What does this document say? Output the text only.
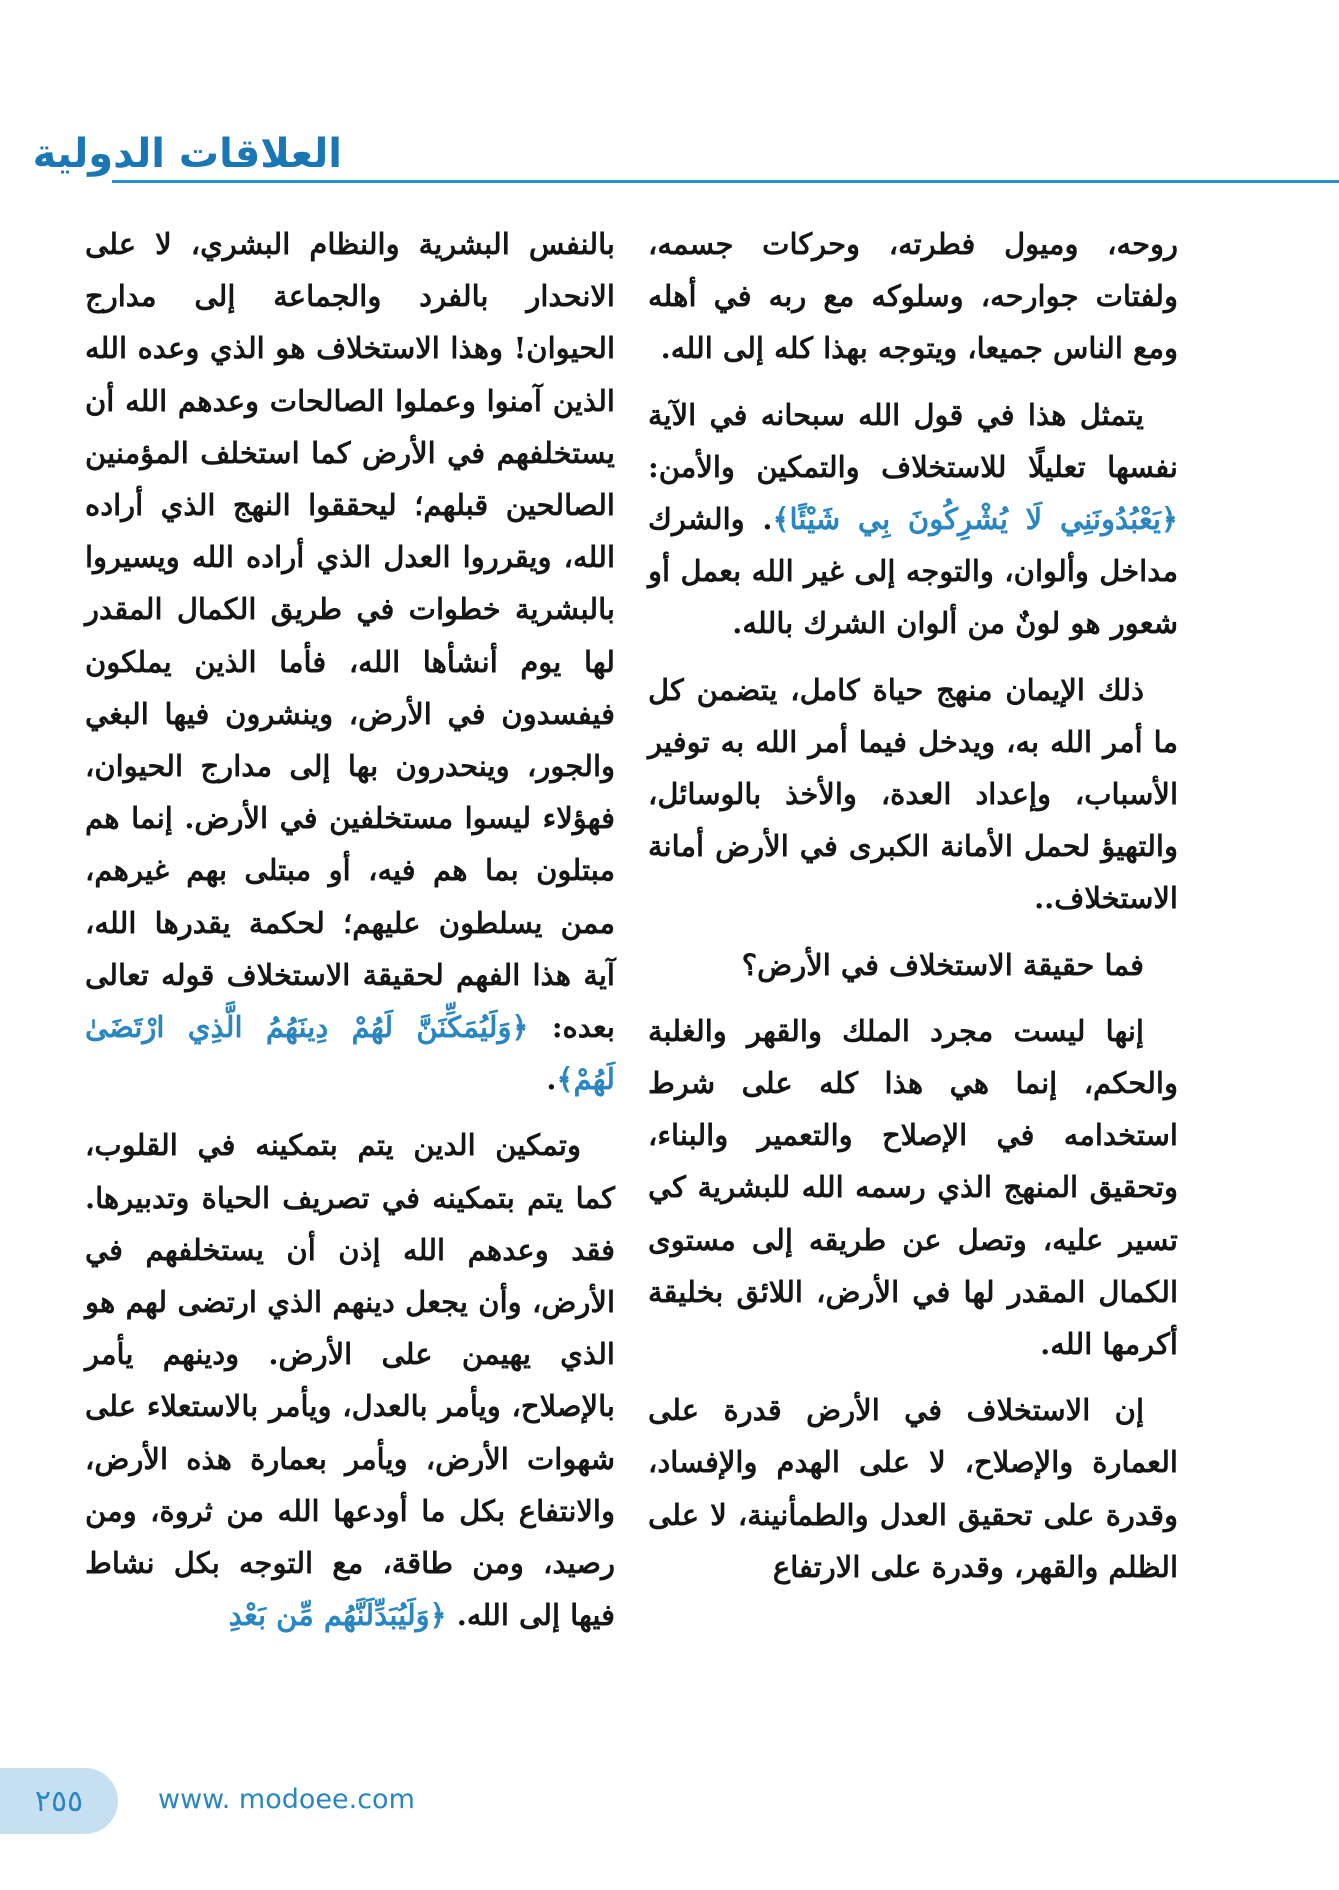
العلاقات الدولية

روحه، وميول فطرته، وحركات جسمه، ولفتات جوارحه، وسلوكه مع ربه في أهله ومع الناس جميعا، ويتوجه بهذا كله إلى الله.

يتمثل هذا في قول الله سبحانه في الآية نفسها تعليلًا للاستخلاف والتمكين والأمن: ﴿يَعْبُدُونَنِي لَا يُشْرِكُونَ بِي شَيْئًا﴾. والشرك مداخل وألوان، والتوجه إلى غير الله بعمل أو شعور هو لونٌ من ألوان الشرك بالله.

ذلك الإيمان منهج حياة كامل، يتضمن كل ما أمر الله به، ويدخل فيما أمر الله به توفير الأسباب، وإعداد العدة، والأخذ بالوسائل، والتهيؤ لحمل الأمانة الكبرى في الأرض أمانة الاستخلاف..

فما حقيقة الاستخلاف في الأرض؟

إنها ليست مجرد الملك والقهر والغلبة والحكم، إنما هي هذا كله على شرط استخدامه في الإصلاح والتعمير والبناء، وتحقيق المنهج الذي رسمه الله للبشرية كي تسير عليه، وتصل عن طريقه إلى مستوى الكمال المقدر لها في الأرض، اللائق بخليقة أكرمها الله.

إن الاستخلاف في الأرض قدرة على العمارة والإصلاح، لا على الهدم والإفساد، وقدرة على تحقيق العدل والطمأنينة، لا على الظلم والقهر، وقدرة على الارتفاع

بالنفس البشرية والنظام البشري، لا على الانحدار بالفرد والجماعة إلى مدارج الحيوان! وهذا الاستخلاف هو الذي وعده الله الذين آمنوا وعملوا الصالحات وعدهم الله أن يستخلفهم في الأرض كما استخلف المؤمنين الصالحين قبلهم؛ ليحققوا النهج الذي أراده الله، ويقرروا العدل الذي أراده الله ويسيروا بالبشرية خطوات في طريق الكمال المقدر لها يوم أنشأها الله، فأما الذين يملكون فيفسدون في الأرض، وينشرون فيها البغي والجور، وينحدرون بها إلى مدارج الحيوان، فهؤلاء ليسوا مستخلفين في الأرض. إنما هم مبتلون بما هم فيه، أو مبتلى بهم غيرهم، ممن يسلطون عليهم؛ لحكمة يقدرها الله، آية هذا الفهم لحقيقة الاستخلاف قوله تعالى بعده: ﴿وَلَيُمَكِّنَنَّ لَهُمْ دِينَهُمُ الَّذِي ارْتَضَىٰ لَهُمْ﴾.

وتمكين الدين يتم بتمكينه في القلوب، كما يتم بتمكينه في تصريف الحياة وتدبيرها. فقد وعدهم الله إذن أن يستخلفهم في الأرض، وأن يجعل دينهم الذي ارتضى لهم هو الذي يهيمن على الأرض. ودينهم يأمر بالإصلاح، ويأمر بالعدل، ويأمر بالاستعلاء على شهوات الأرض، ويأمر بعمارة هذه الأرض، والانتفاع بكل ما أودعها الله من ثروة، ومن رصيد، ومن طاقة، مع التوجه بكل نشاط فيها إلى الله. ﴿وَلَيُبَدِّلَنَّهُم مِّن بَعْدِ

٢٥٥	www. modoee.com
